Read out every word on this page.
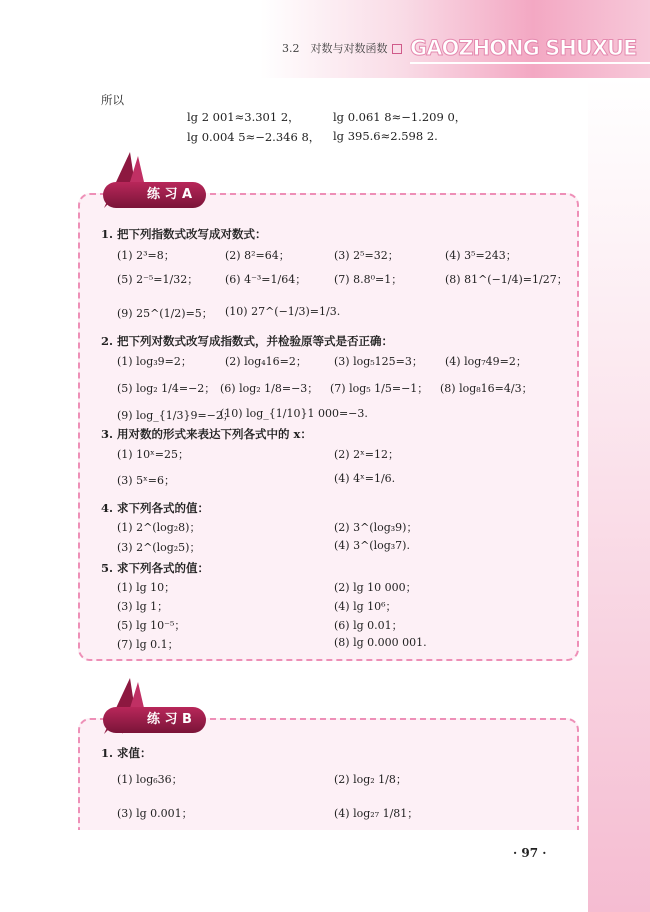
3.2　对数与对数函数	GAOZHONG SHUXUE
所以
lg 2 001≈3.301 2，	lg 0.061 8≈−1.209 0，
lg 0.004 5≈−2.346 8， lg 395.6≈2.598 2.
练 习 A
1. 把下列指数式改写成对数式：
(1) 2³=8；	(2) 8²=64；	(3) 2⁵=32；	(4) 3⁵=243；
(5) 2⁻⁵=1/32； (6) 4⁻³=1/64；	(7) 8.8⁰=1；	(8) 81^(−1/4)=1/27；
(9) 25^(1/2)=5； (10) 27^(−1/3)=1/3.
2. 把下列对数式改写成指数式，并检验原等式是否正确：
(1) log₃9=2；	(2) log₄16=2； (3) log₅125=3； (4) log₇49=2；
(5) log₂ 1/4=−2； (6) log₂ 1/8=−3； (7) log₅ 1/5=−1； (8) log₈16=4/3；
(9) log_{1/3}9=−2；
(10) log_{1/10}1 000=−3.
3. 用对数的形式来表达下列各式中的 x：
(1) 10ˣ=25；	(2) 2ˣ=12；
(3) 5ˣ=6；	(4) 4ˣ=1/6.
4. 求下列各式的值：
(1) 2^(log₂8)；	(2) 3^(log₃9)；
(3) 2^(log₂5)；	(4) 3^(log₃7).
5. 求下列各式的值：
(1) lg 10；	(2) lg 10 000；
(3) lg 1；	(4) lg 10⁶；
(5) lg 10⁻⁵；	(6) lg 0.01；
(7) lg 0.1；	(8) lg 0.000 001.
练 习 B
1. 求值：
(1) log₆36；	(2) log₂ 1/8；
(3) lg 0.001；	(4) log₂₇ 1/81；
· 97 ·
